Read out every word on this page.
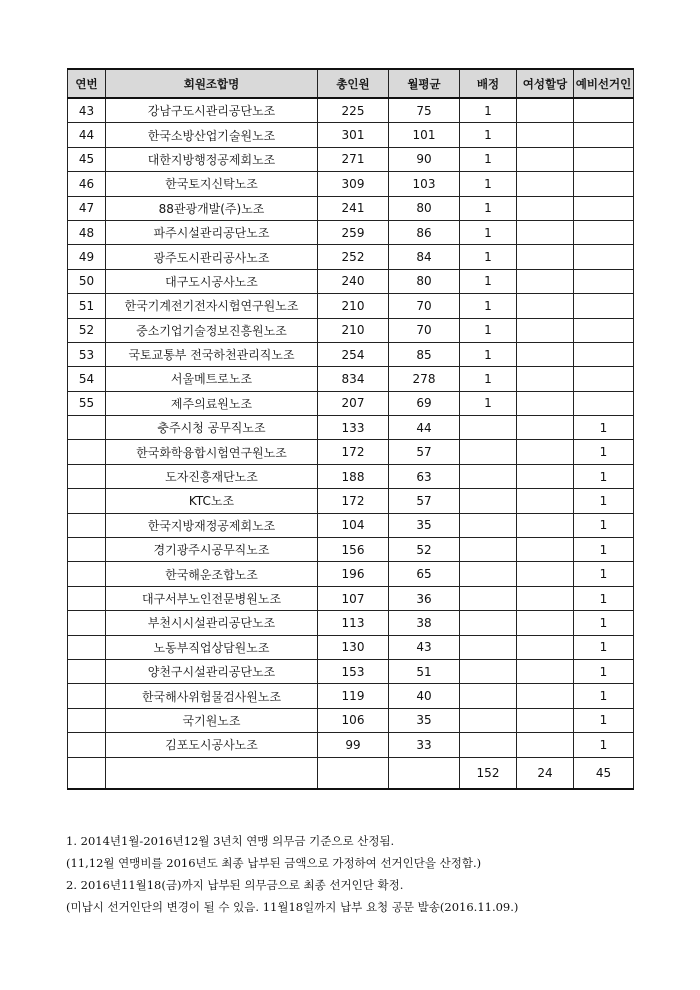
연번	회원조합명	총인원	월평균	배정	여성할당	예비선거인
43	강남구도시관리공단노조	225	75	1		
44	한국소방산업기술원노조	301	101	1		
45	대한지방행정공제회노조	271	90	1		
46	한국토지신탁노조	309	103	1		
47	88관광개발(주)노조	241	80	1		
48	파주시설관리공단노조	259	86	1		
49	광주도시관리공사노조	252	84	1		
50	대구도시공사노조	240	80	1		
51	한국기계전기전자시험연구원노조	210	70	1		
52	중소기업기술정보진흥원노조	210	70	1		
53	국토교통부 전국하천관리직노조	254	85	1		
54	서울메트로노조	834	278	1		
55	제주의료원노조	207	69	1		
	충주시청 공무직노조	133	44			1
	한국화학융합시험연구원노조	172	57			1
	도자진흥재단노조	188	63			1
	KTC노조	172	57			1
	한국지방재정공제회노조	104	35			1
	경기광주시공무직노조	156	52			1
	한국해운조합노조	196	65			1
	대구서부노인전문병원노조	107	36			1
	부천시시설관리공단노조	113	38			1
	노동부직업상담원노조	130	43			1
	양천구시설관리공단노조	153	51			1
	한국해사위험물검사원노조	119	40			1
	국기원노조	106	35			1
	김포도시공사노조	99	33			1
				152	24	45
1. 2014년1월-2016년12월 3년치 연맹 의무금 기준으로 산정됨.
(11,12월 연맹비를 2016년도 최종 납부된 금액으로 가정하여 선거인단을 산정함.)
2. 2016년11월18(금)까지 납부된 의무금으로 최종 선거인단 확정.
(미납시 선거인단의 변경이 될 수 있음. 11월18일까지 납부 요청 공문 발송(2016.11.09.)
